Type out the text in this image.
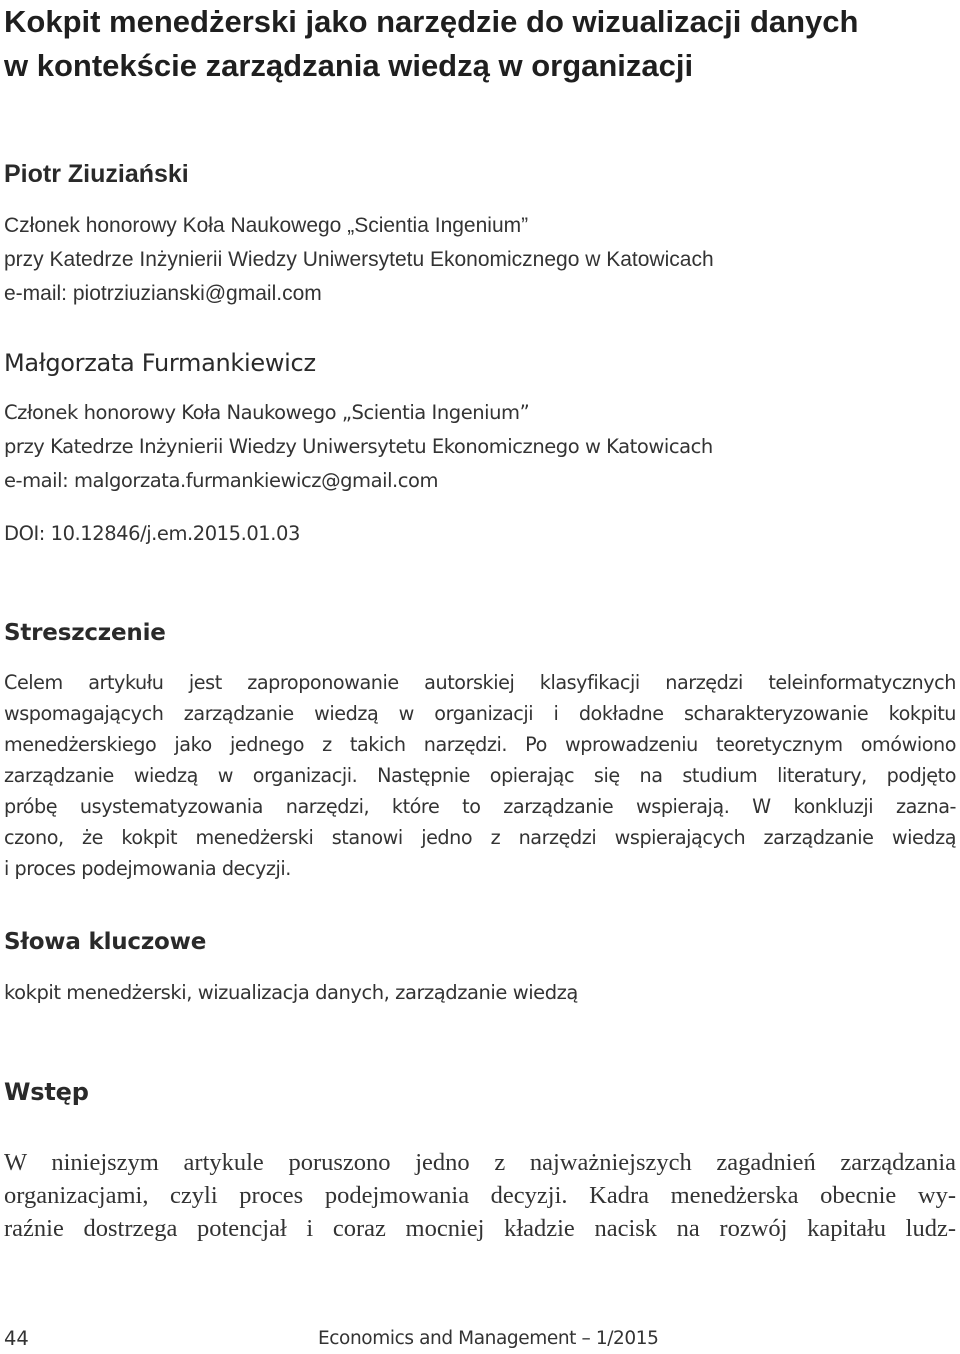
Kokpit menedżerski jako narzędzie do wizualizacji danych
w kontekście zarządzania wiedzą w organizacji
Piotr Ziuziański
Członek honorowy Koła Naukowego „Scientia Ingenium”
przy Katedrze Inżynierii Wiedzy Uniwersytetu Ekonomicznego w Katowicach
e-mail: piotrziuzianski@gmail.com
Małgorzata Furmankiewicz
Członek honorowy Koła Naukowego „Scientia Ingenium”
przy Katedrze Inżynierii Wiedzy Uniwersytetu Ekonomicznego w Katowicach
e-mail: malgorzata.furmankiewicz@gmail.com
DOI: 10.12846/j.em.2015.01.03
Streszczenie
Celem artykułu jest zaproponowanie autorskiej klasyfikacji narzędzi teleinformatycznych
wspomagających zarządzanie wiedzą w organizacji i dokładne scharakteryzowanie kokpitu
menedżerskiego jako jednego z takich narzędzi. Po wprowadzeniu teoretycznym omówiono
zarządzanie wiedzą w organizacji. Następnie opierając się na studium literatury, podjęto
próbę usystematyzowania narzędzi, które to zarządzanie wspierają. W konkluzji zazna-
czono, że kokpit menedżerski stanowi jedno z narzędzi wspierających zarządzanie wiedzą
i proces podejmowania decyzji.
Słowa kluczowe
kokpit menedżerski, wizualizacja danych, zarządzanie wiedzą
Wstęp
W niniejszym artykule poruszono jedno z najważniejszych zagadnień zarządzania
organizacjami, czyli proces podejmowania decyzji. Kadra menedżerska obecnie wy-
raźnie dostrzega potencjał i coraz mocniej kładzie nacisk na rozwój kapitału ludz-
44	Economics and Management – 1/2015
